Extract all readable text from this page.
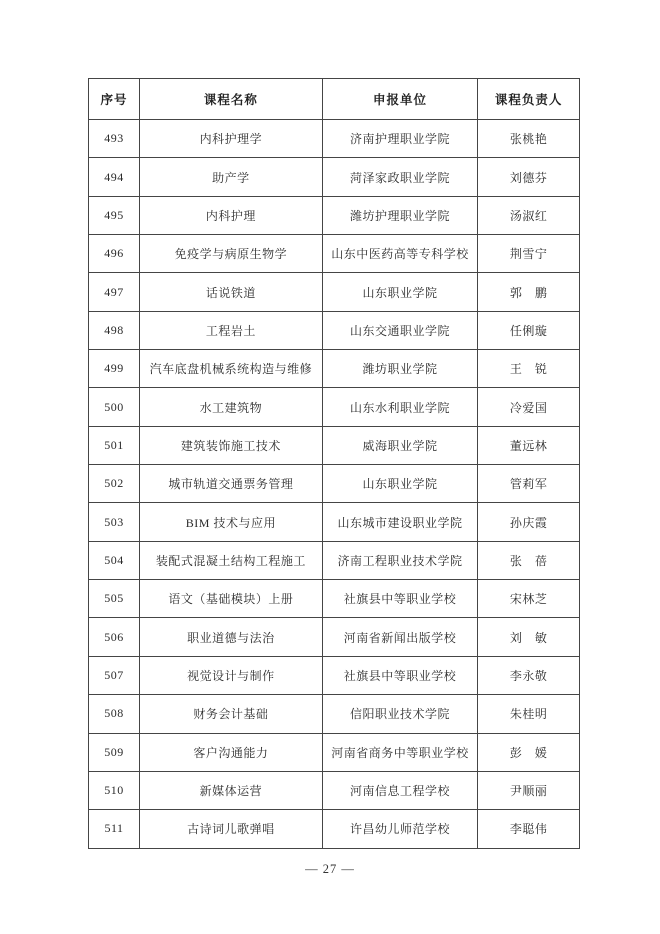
序号	课程名称	申报单位	课程负责人
493	内科护理学	济南护理职业学院	张桃艳
494	助产学	菏泽家政职业学院	刘德芬
495	内科护理	潍坊护理职业学院	汤淑红
496	免疫学与病原生物学	山东中医药高等专科学校	荆雪宁
497	话说铁道	山东职业学院	郭　鹏
498	工程岩土	山东交通职业学院	任俐璇
499	汽车底盘机械系统构造与维修	潍坊职业学院	王　锐
500	水工建筑物	山东水利职业学院	冷爱国
501	建筑装饰施工技术	威海职业学院	董远林
502	城市轨道交通票务管理	山东职业学院	管莉军
503	BIM 技术与应用	山东城市建设职业学院	孙庆霞
504	装配式混凝土结构工程施工	济南工程职业技术学院	张　蓓
505	语文（基础模块）上册	社旗县中等职业学校	宋林芝
506	职业道德与法治	河南省新闻出版学校	刘　敏
507	视觉设计与制作	社旗县中等职业学校	李永敬
508	财务会计基础	信阳职业技术学院	朱桂明
509	客户沟通能力	河南省商务中等职业学校	彭　媛
510	新媒体运营	河南信息工程学校	尹顺丽
511	古诗词儿歌弹唱	许昌幼儿师范学校	李聪伟
— 27 —
